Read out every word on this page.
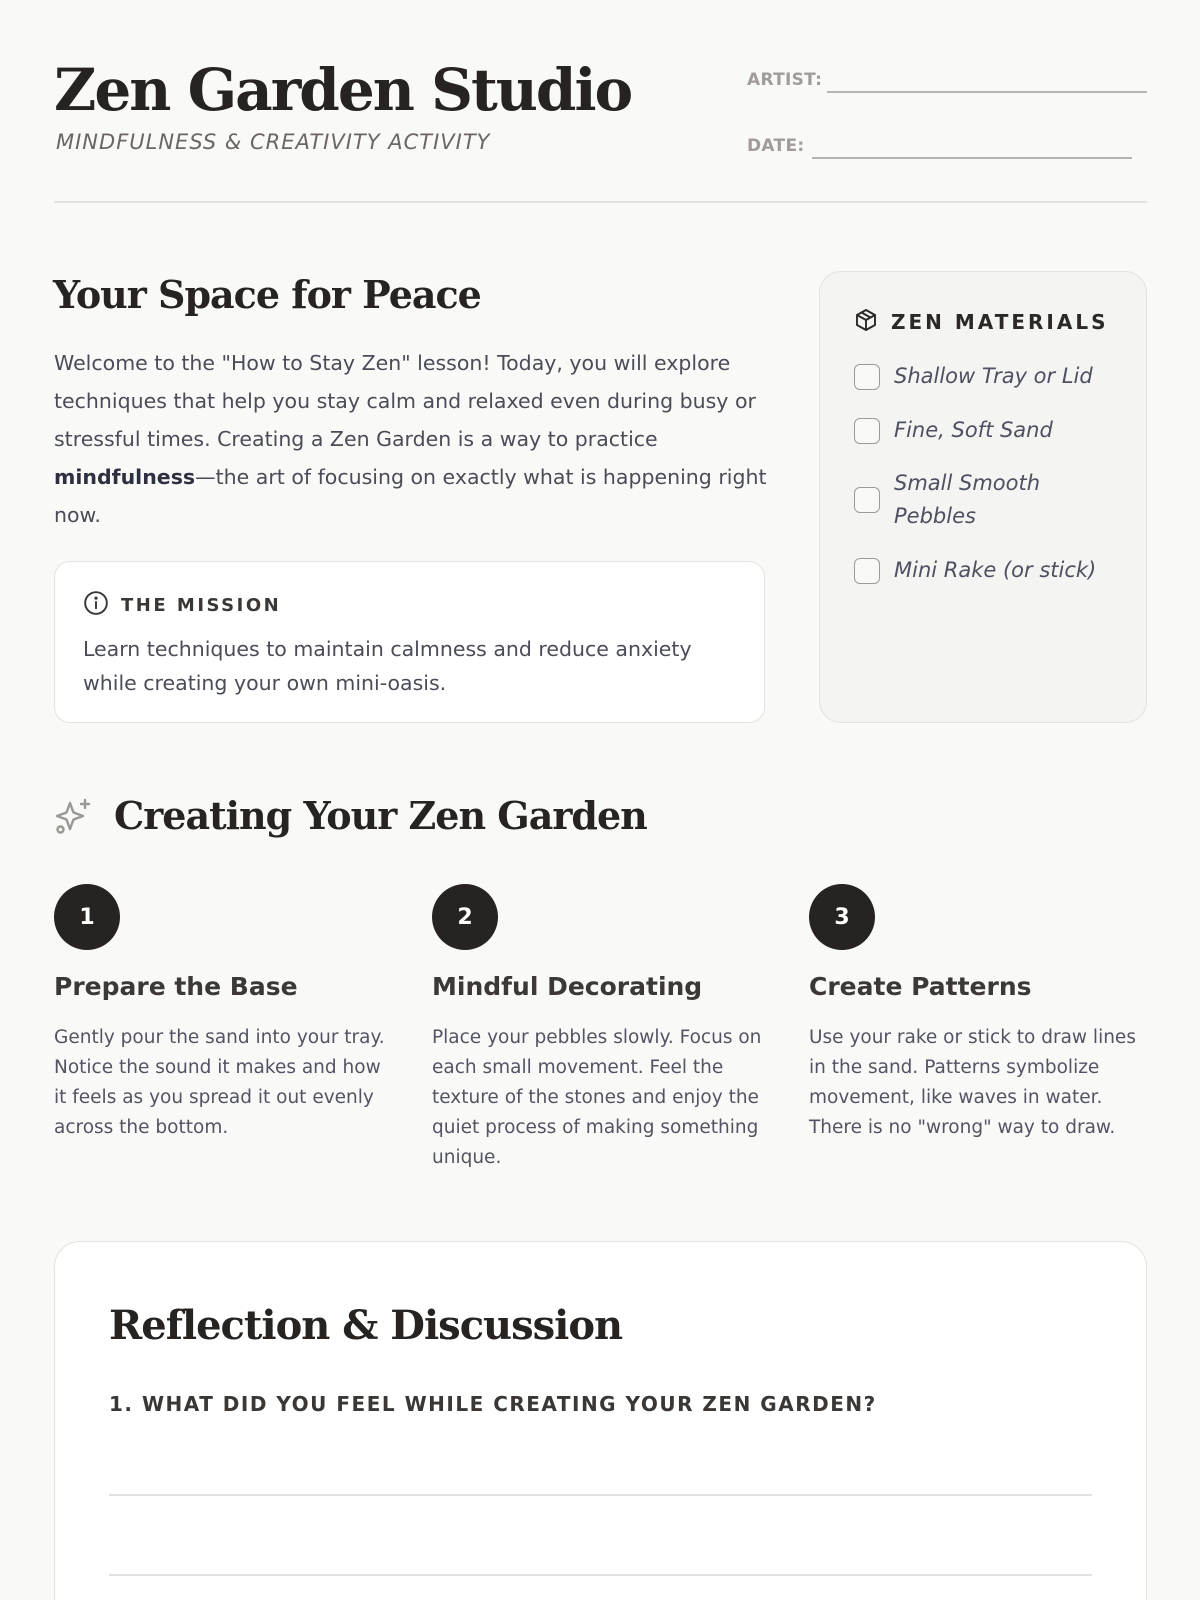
Zen Garden Studio
MINDFULNESS & CREATIVITY ACTIVITY
ARTIST:
DATE:
Your Space for Peace

Welcome to the "How to Stay Zen" lesson! Today, you will explore techniques that help you stay calm and relaxed even during busy or stressful times. Creating a Zen Garden is a way to practice mindfulness—the art of focusing on exactly what is happening right now.

THE MISSION
Learn techniques to maintain calmness and reduce anxiety while creating your own mini-oasis.
ZEN MATERIALS
Shallow Tray or Lid
Fine, Soft Sand
Small Smooth Pebbles
Mini Rake (or stick)
Creating Your Zen Garden
1
Prepare the Base
Gently pour the sand into your tray. Notice the sound it makes and how it feels as you spread it out evenly across the bottom.
2
Mindful Decorating
Place your pebbles slowly. Focus on each small movement. Feel the texture of the stones and enjoy the quiet process of making something unique.
3
Create Patterns
Use your rake or stick to draw lines in the sand. Patterns symbolize movement, like waves in water. There is no "wrong" way to draw.
Reflection & Discussion
1. WHAT DID YOU FEEL WHILE CREATING YOUR ZEN GARDEN?
